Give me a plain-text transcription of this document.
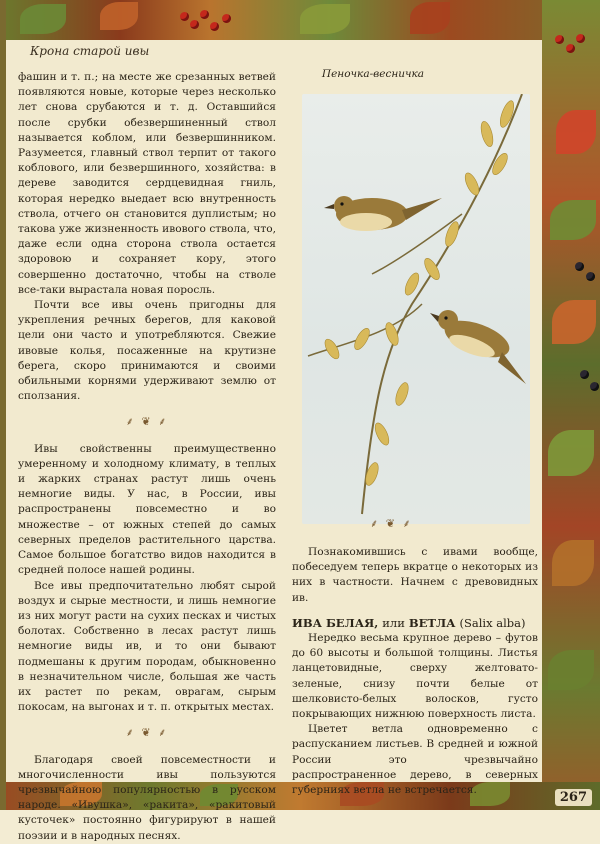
Крона старой ивы

фашин и т. п.; на месте же срезанных ветвей появляются новые, которые через несколько лет снова срубаются и т. д. Оставшийся после срубки обезвершиненный ствол называется коблом, или безвершинником. Разумеется, главный ствол терпит от такого коблового, или безвершинного, хозяйства: в дереве заводится сердцевидная гниль, которая нередко выедает всю внутренность ствола, отчего он становится дуплистым; но такова уже жизненность ивового ствола, что, даже если одна сторона ствола остается здоровою и сохраняет кору, этого совершенно достаточно, чтобы на стволе все-таки вырастала новая поросль.

Почти все ивы очень пригодны для укрепления речных берегов, для каковой цели они часто и употребляются. Свежие ивовые колья, посаженные на крутизне берега, скоро принимаются и своими обильными корнями удерживают землю от сползания.

⸙ ❦ ⸙

Ивы свойственны преимущественно умеренному и холодному климату, в теплых и жарких странах растут лишь очень немногие виды. У нас, в России, ивы распространены повсеместно и во множестве – от южных степей до самых северных пределов растительного царства. Самое большое богатство видов находится в средней полосе нашей родины.

Все ивы предпочитательно любят сырой воздух и сырые местности, и лишь немногие из них могут расти на сухих песках и чистых болотах. Собственно в лесах растут лишь немногие виды ив, и то они бывают подмешаны к другим породам, обыкновенно в незначительном числе, большая же часть их растет по рекам, оврагам, сырым покосам, на выгонах и т. п. открытых местах.

⸙ ❦ ⸙

Благодаря своей повсеместности и многочисленности ивы пользуются чрезвычайною популярностью в русском народе. «Ивушка», «ракита», «ракитовый кусточек» постоянно фигурируют в нашей поэзии и в народных песнях.

Пеночка-весничка
⸙ ❦ ⸙

Познакомившись с ивами вообще, побеседуем теперь вкратце о некоторых из них в частности. Начнем с древовидных ив.

ИВА БЕЛАЯ, или ВЕТЛА (Salix alba)

Нередко весьма крупное дерево – футов до 60 высоты и большой толщины. Листья ланцетовидные, сверху желтовато-зеленые, снизу почти белые от шелковисто-белых волосков, густо покрывающих нижнюю поверхность листа.

Цветет ветла одновременно с распусканием листьев. В средней и южной России это чрезвычайно распространенное дерево, в северных губерниях ветла не встречается.	267
